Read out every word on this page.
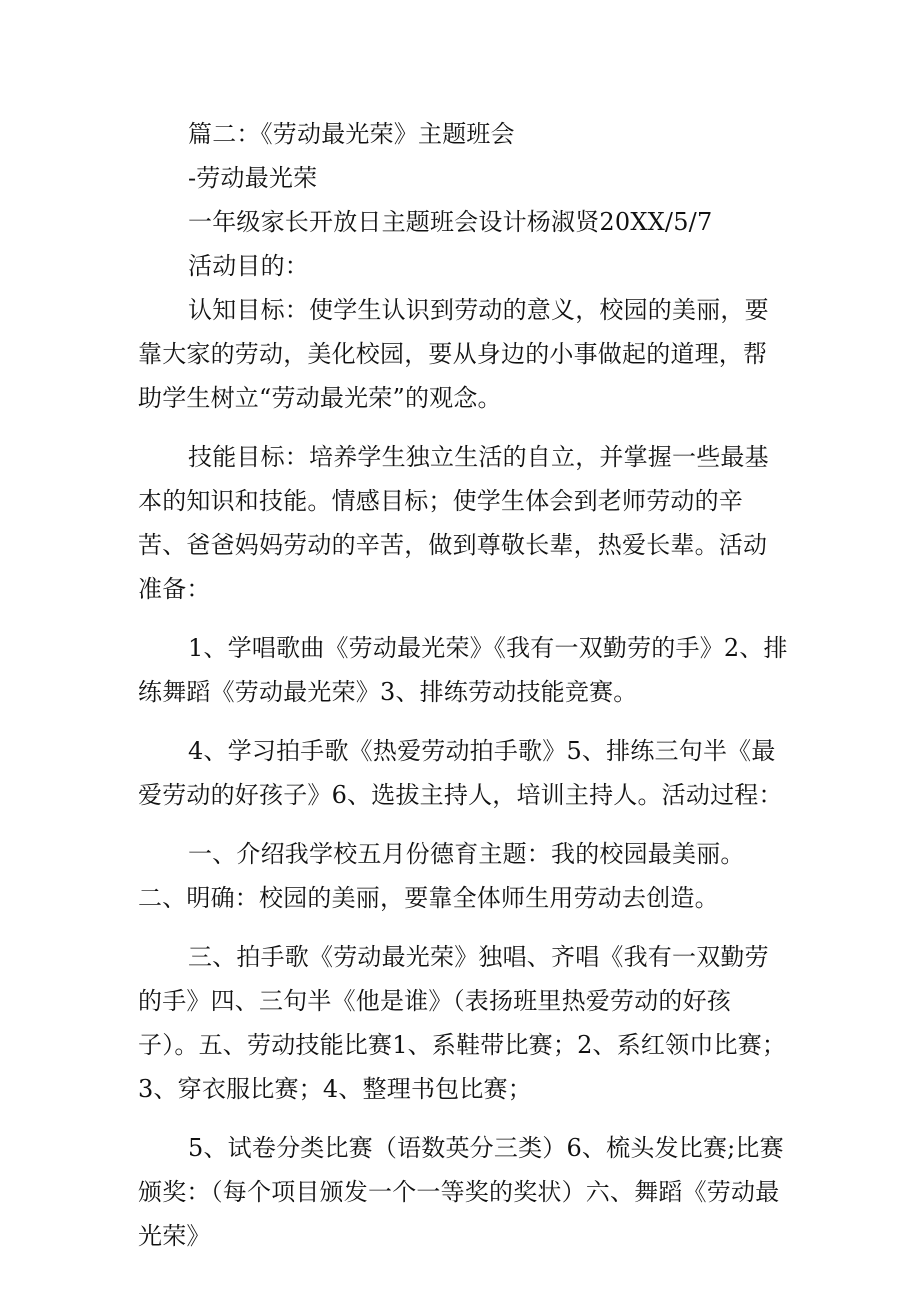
篇二：《劳动最光荣》主题班会

-劳动最光荣

一年级家长开放日主题班会设计杨淑贤20XX/5/7

活动目的：

认知目标：使学生认识到劳动的意义，校园的美丽，要靠大家的劳动，美化校园，要从身边的小事做起的道理，帮助学生树立“劳动最光荣”的观念。

技能目标：培养学生独立生活的自立，并掌握一些最基本的知识和技能。情感目标；使学生体会到老师劳动的辛苦、爸爸妈妈劳动的辛苦，做到尊敬长辈，热爱长辈。活动准备：

1、学唱歌曲《劳动最光荣》《我有一双勤劳的手》2、排练舞蹈《劳动最光荣》3、排练劳动技能竞赛。

4、学习拍手歌《热爱劳动拍手歌》5、排练三句半《最爱劳动的好孩子》6、选拔主持人，培训主持人。活动过程：

一、介绍我学校五月份德育主题：我的校园最美丽。二、明确：校园的美丽，要靠全体师生用劳动去创造。

三、拍手歌《劳动最光荣》独唱、齐唱《我有一双勤劳的手》四、三句半《他是谁》（表扬班里热爱劳动的好孩子）。五、劳动技能比赛1、系鞋带比赛；2、系红领巾比赛；3、穿衣服比赛；4、整理书包比赛；

5、试卷分类比赛（语数英分三类）6、梳头发比赛;比赛颁奖：（每个项目颁发一个一等奖的奖状）六、舞蹈《劳动最光荣》
